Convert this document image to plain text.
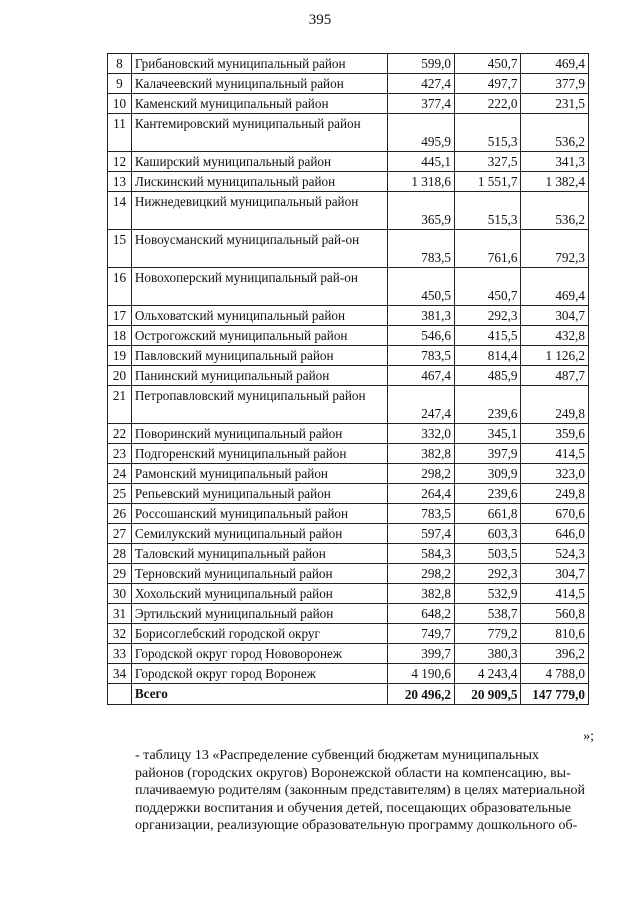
395
8	Грибановский муниципальный район	599,0	450,7	469,4
9	Калачеевский муниципальный район	427,4	497,7	377,9
10	Каменский муниципальный район	377,4	222,0	231,5
11	Кантемировский муниципальный район	495,9	515,3	536,2
12	Каширский муниципальный район	445,1	327,5	341,3
13	Лискинский муниципальный район	1 318,6	1 551,7	1 382,4
14	Нижнедевицкий муниципальный район	365,9	515,3	536,2
15	Новоусманский муниципальный рай-он	783,5	761,6	792,3
16	Новохоперский муниципальный рай-он	450,5	450,7	469,4
17	Ольховатский муниципальный район	381,3	292,3	304,7
18	Острогожский муниципальный район	546,6	415,5	432,8
19	Павловский муниципальный район	783,5	814,4	1 126,2
20	Панинский муниципальный район	467,4	485,9	487,7
21	Петропавловский муниципальный район	247,4	239,6	249,8
22	Поворинский муниципальный район	332,0	345,1	359,6
23	Подгоренский муниципальный район	382,8	397,9	414,5
24	Рамонский муниципальный район	298,2	309,9	323,0
25	Репьевский муниципальный район	264,4	239,6	249,8
26	Россошанский муниципальный район	783,5	661,8	670,6
27	Семилукский муниципальный район	597,4	603,3	646,0
28	Таловский муниципальный район	584,3	503,5	524,3
29	Терновский муниципальный район	298,2	292,3	304,7
30	Хохольский муниципальный район	382,8	532,9	414,5
31	Эртильский муниципальный район	648,2	538,7	560,8
32	Борисоглебский городской округ	749,7	779,2	810,6
33	Городской округ город Нововоронеж	399,7	380,3	396,2
34	Городской округ город Воронеж	4 190,6	4 243,4	4 788,0
	Всего	20 496,2	20 909,5	147 779,0
»;
- таблицу 13 «Распределение субвенций бюджетам муниципальных
районов (городских округов) Воронежской области на компенсацию, вы-
плачиваемую родителям (законным представителям) в целях материальной
поддержки воспитания и обучения детей, посещающих образовательные
организации, реализующие образовательную программу дошкольного об-
